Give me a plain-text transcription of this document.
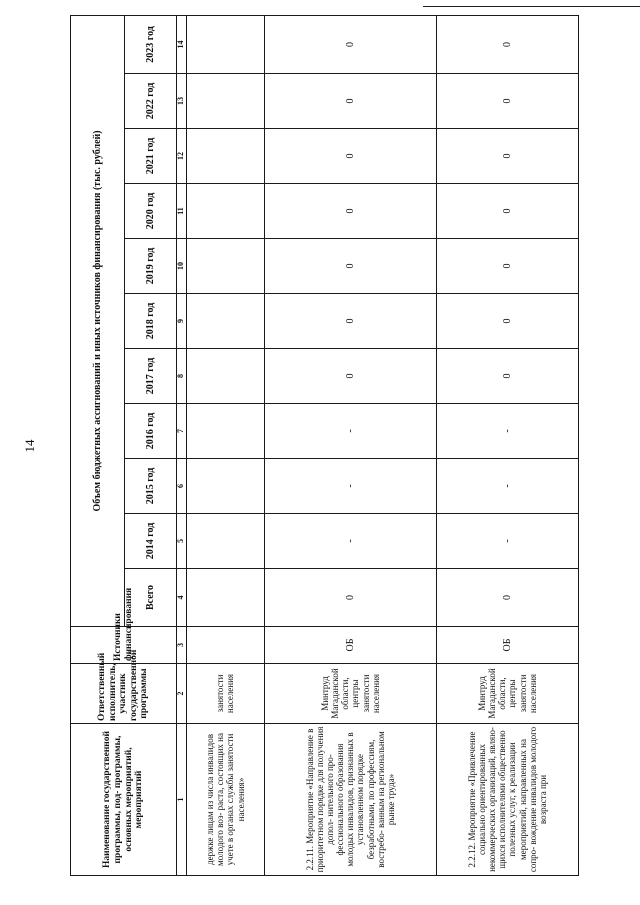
14
Наименование государственной программы, под- программы, основных мероприятий, мероприятий	Ответственный исполнитель, участник государственной программы	Источники финансирования	Объем бюджетных ассигнований и иных источников финансирования (тыс. рублей)										
			Всего	2014 год	2015 год	2016 год	2017 год	2018 год	2019 год	2020 год	2021 год	2022 год	2023 год
1	2	3	4	5	6	7	8	9	10	11	12	13	14
держке лицам из числа инвалидов молодого воз- раста, состоящих на учете в органах службы занятости населения»	занятости населения												
2.2.11. Мероприятие «Направление в приоритетном порядке для получения допол- нительного про- фессионального образования молодых инвалидов, признанных в установленном порядке безработными, по профессиям, востребо- ванным на региональном рынке труда»	Минтруд Магаданской области, центры занятости населения	ОБ	0	-	-	-	0	0	0	0	0	0	0
2.2.12. Мероприятие «Привлечение социально ориентированных некоммерческих организаций, являю- щихся исполнителями общественно полезных услуг, к реализации мероприятий, направленных на сопро- вождение инвалидов молодого возраста при	Минтруд Магаданской области, центры занятости населения	ОБ	0	-	-	-	0	0	0	0	0	0	0
